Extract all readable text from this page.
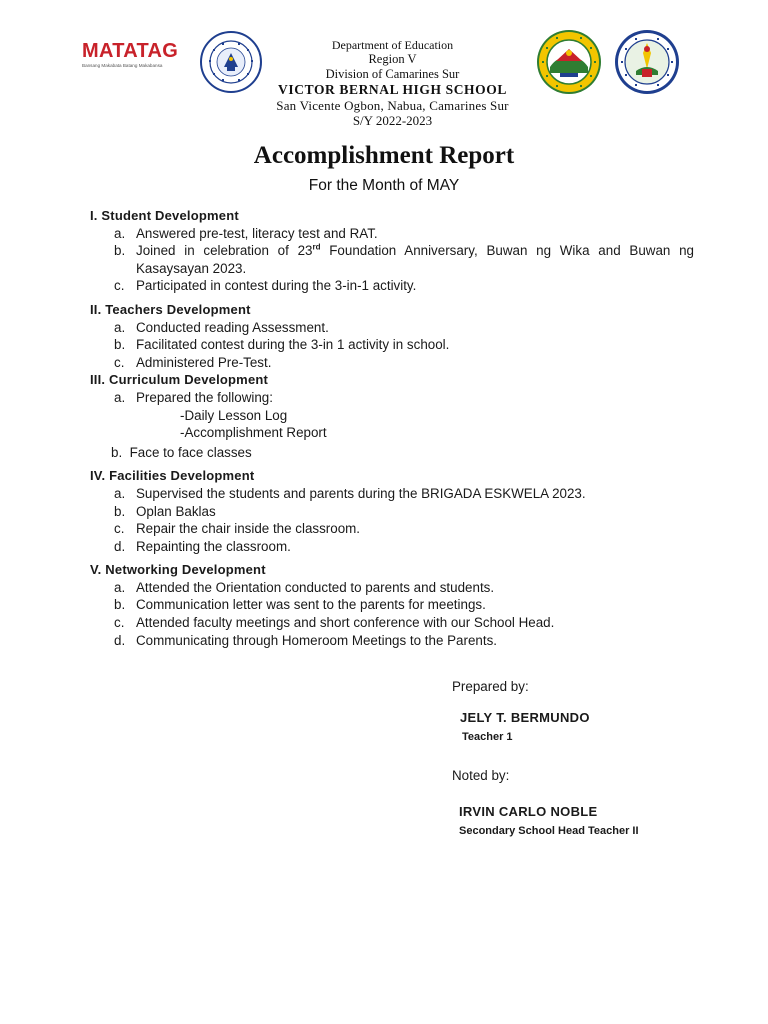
MATATAG
Bansang Makabata Batang Makabansa
Department of Education
Region V
Division of Camarines Sur
VICTOR BERNAL HIGH SCHOOL
San Vicente Ogbon, Nabua, Camarines Sur
S/Y 2022-2023
Accomplishment Report
For the Month of MAY
I. Student Development
a. Answered pre-test, literacy test and RAT.
b. Joined in celebration of 23rd Foundation Anniversary, Buwan ng Wika and Buwan ng Kasaysayan 2023.
c. Participated in contest during the 3-in-1 activity.
II. Teachers Development
a. Conducted reading Assessment.
b. Facilitated contest during the 3-in 1 activity in school.
c. Administered Pre-Test.
III. Curriculum Development
a. Prepared the following:
-Daily Lesson Log
-Accomplishment Report
b. Face to face classes
IV. Facilities Development
a. Supervised the students and parents during the BRIGADA ESKWELA 2023.
b. Oplan Baklas
c. Repair the chair inside the classroom.
d. Repainting the classroom.
V. Networking Development
a. Attended the Orientation conducted to parents and students.
b. Communication letter was sent to the parents for meetings.
c. Attended faculty meetings and short conference with our School Head.
d. Communicating through Homeroom Meetings to the Parents.
Prepared by:
JELY T. BERMUNDO
Teacher 1
Noted by:
IRVIN CARLO NOBLE
Secondary School Head Teacher II
